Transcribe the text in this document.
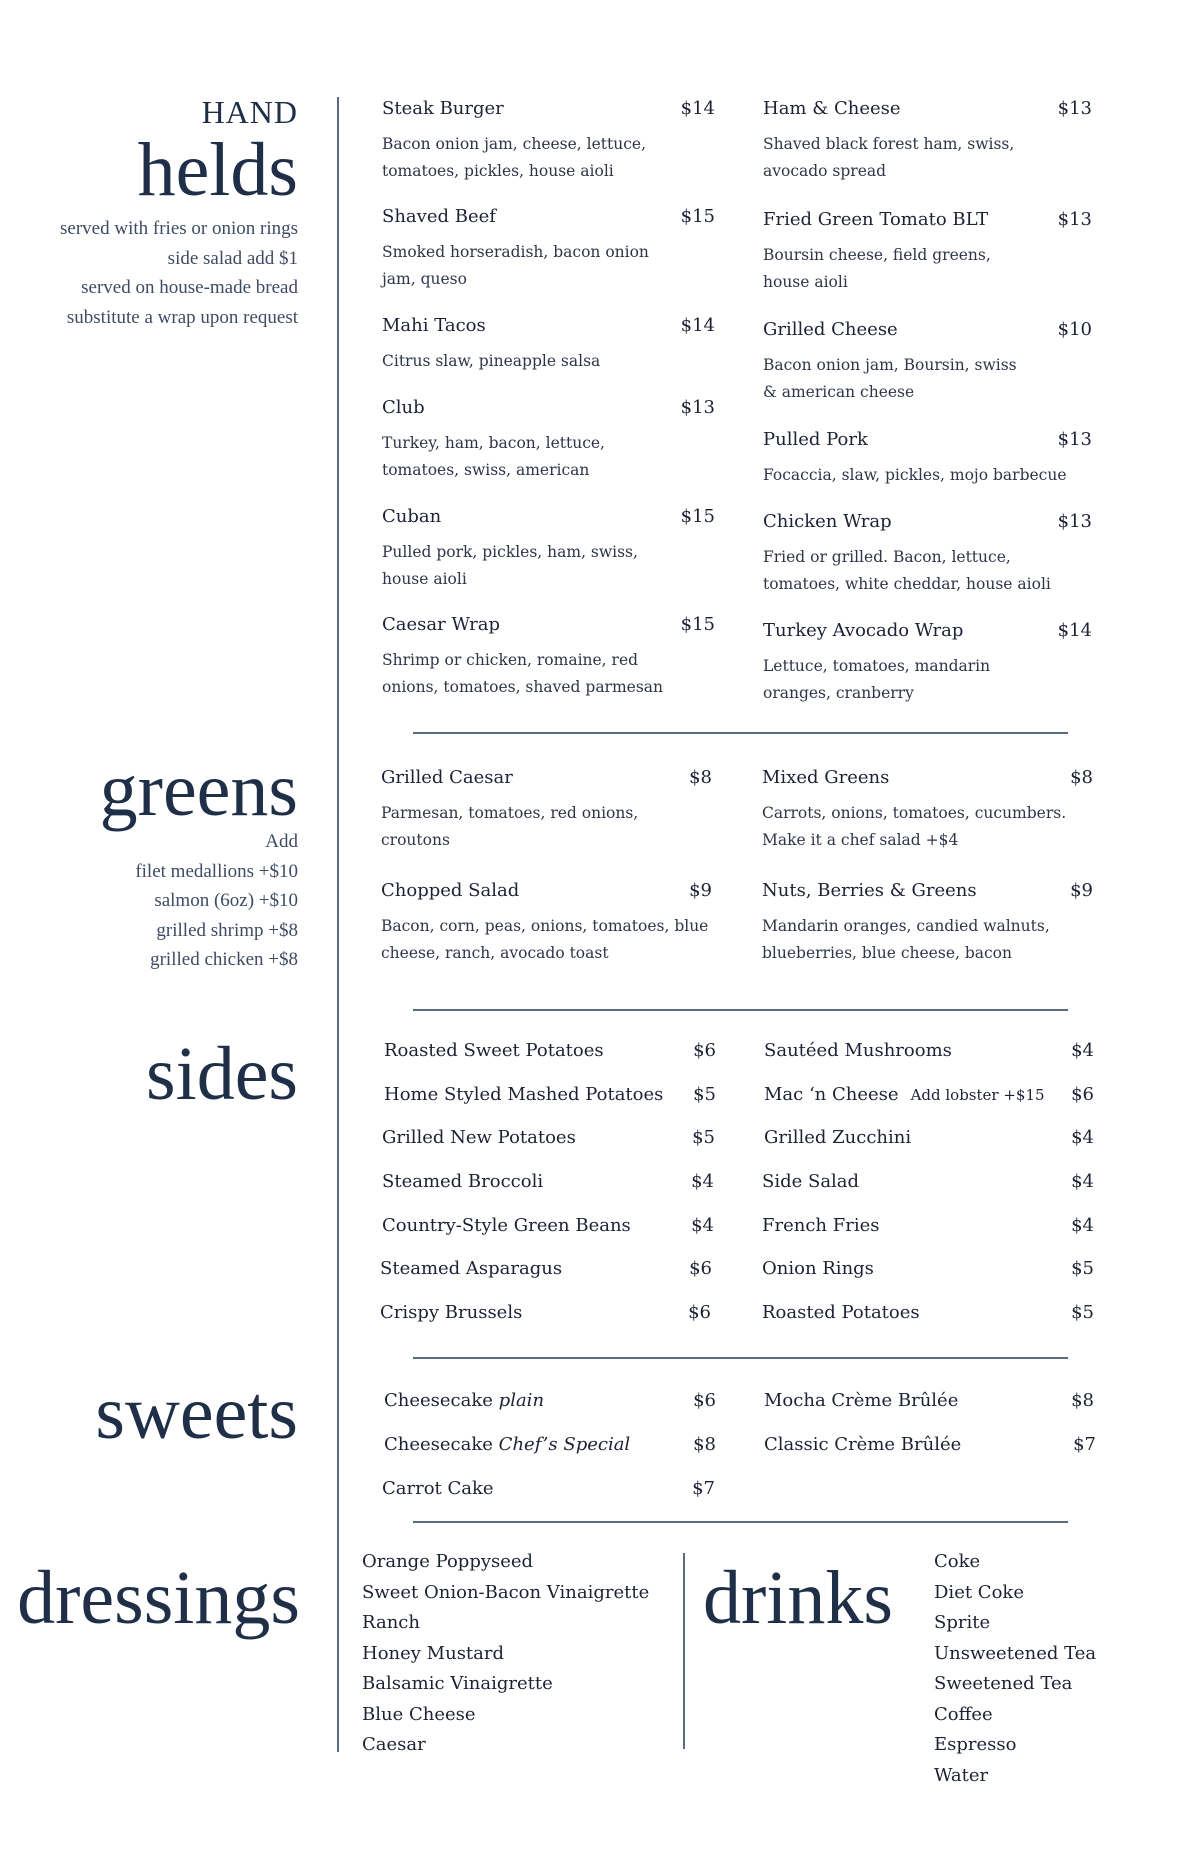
HAND
helds
served with fries or onion rings
side salad add $1
served on house-made bread
substitute a wrap upon request
Steak Burger	$14
Bacon onion jam, cheese, lettuce,
tomatoes, pickles, house aioli
Shaved Beef	$15
Smoked horseradish, bacon onion
jam, queso
Mahi Tacos	$14
Citrus slaw, pineapple salsa
Club	$13
Turkey, ham, bacon, lettuce,
tomatoes, swiss, american
Cuban	$15
Pulled pork, pickles, ham, swiss,
house aioli
Caesar Wrap	$15
Shrimp or chicken, romaine, red
onions, tomatoes, shaved parmesan
Ham & Cheese	$13
Shaved black forest ham, swiss,
avocado spread
Fried Green Tomato BLT	$13
Boursin cheese, field greens,
house aioli
Grilled Cheese	$10
Bacon onion jam, Boursin, swiss
& american cheese
Pulled Pork	$13
Focaccia, slaw, pickles, mojo barbecue
Chicken Wrap	$13
Fried or grilled. Bacon, lettuce,
tomatoes, white cheddar, house aioli
Turkey Avocado Wrap	$14
Lettuce, tomatoes, mandarin
oranges, cranberry
greens
Add
filet medallions +$10
salmon (6oz) +$10
grilled shrimp +$8
grilled chicken +$8
Grilled Caesar	$8
Parmesan, tomatoes, red onions,
croutons
Chopped Salad	$9
Bacon, corn, peas, onions, tomatoes, blue
cheese, ranch, avocado toast
Mixed Greens	$8
Carrots, onions, tomatoes, cucumbers.
Make it a chef salad +$4
Nuts, Berries & Greens	$9
Mandarin oranges, candied walnuts,
blueberries, blue cheese, bacon
sides	Roasted Sweet Potatoes	$6
Home Styled Mashed Potatoes $5
Grilled New Potatoes	$5
Steamed Broccoli	$4
Country-Style Green Beans	$4
Steamed Asparagus	$6
Crispy Brussels	$6
Sautéed Mushrooms	$4
Mac ‘n Cheese Add lobster +$15 $6
Grilled Zucchini	$4
Side Salad	$4
French Fries	$4
Onion Rings	$5
Roasted Potatoes	$5
sweets	Cheesecake plain	$6
Cheesecake Chef’s Special	$8
Carrot Cake	$7
Mocha Crème Brûlée	$8
Classic Crème Brûlée	$7
dressings	Orange Poppyseed
Sweet Onion-Bacon Vinaigrette
Ranch
Honey Mustard
Balsamic Vinaigrette
Blue Cheese
Caesar
drinks Coke
Diet Coke
Sprite
Unsweetened Tea
Sweetened Tea
Coffee
Espresso
Water
